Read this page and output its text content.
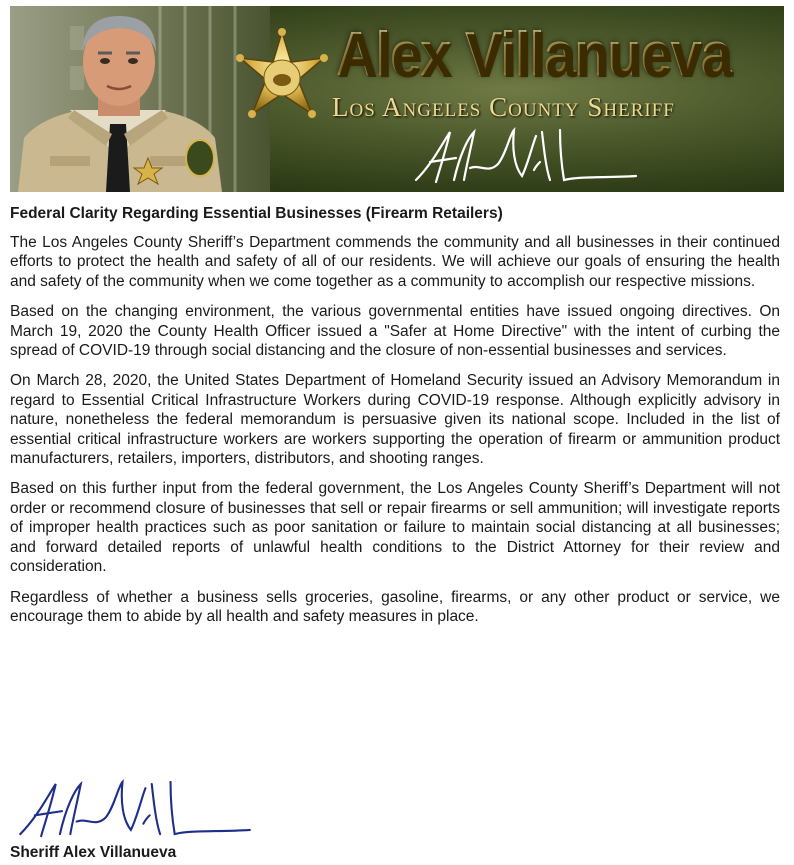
Alex Villanueva
Los Angeles County Sheriff
Federal Clarity Regarding Essential Businesses (Firearm Retailers)

The Los Angeles County Sheriff’s Department commends the community and all businesses in their continued efforts to protect the health and safety of all of our residents. We will achieve our goals of ensuring the health and safety of the community when we come together as a community to accomplish our respective missions.

Based on the changing environment, the various governmental entities have issued ongoing directives. On March 19, 2020 the County Health Officer issued a "Safer at Home Directive" with the intent of curbing the spread of COVID-19 through social distancing and the closure of non-essential businesses and services.

On March 28, 2020, the United States Department of Homeland Security issued an Advisory Memorandum in regard to Essential Critical Infrastructure Workers during COVID-19 response. Although explicitly advisory in nature, nonetheless the federal memorandum is persuasive given its national scope. Included in the list of essential critical infrastructure workers are workers supporting the operation of firearm or ammunition product manufacturers, retailers, importers, distributors, and shooting ranges.

Based on this further input from the federal government, the Los Angeles County Sheriff’s Department will not order or recommend closure of businesses that sell or repair firearms or sell ammunition; will investigate reports of improper health practices such as poor sanitation or failure to maintain social distancing at all businesses; and forward detailed reports of unlawful health conditions to the District Attorney for their review and consideration.

Regardless of whether a business sells groceries, gasoline, firearms, or any other product or service, we encourage them to abide by all health and safety measures in place.

Sheriff Alex Villanueva
